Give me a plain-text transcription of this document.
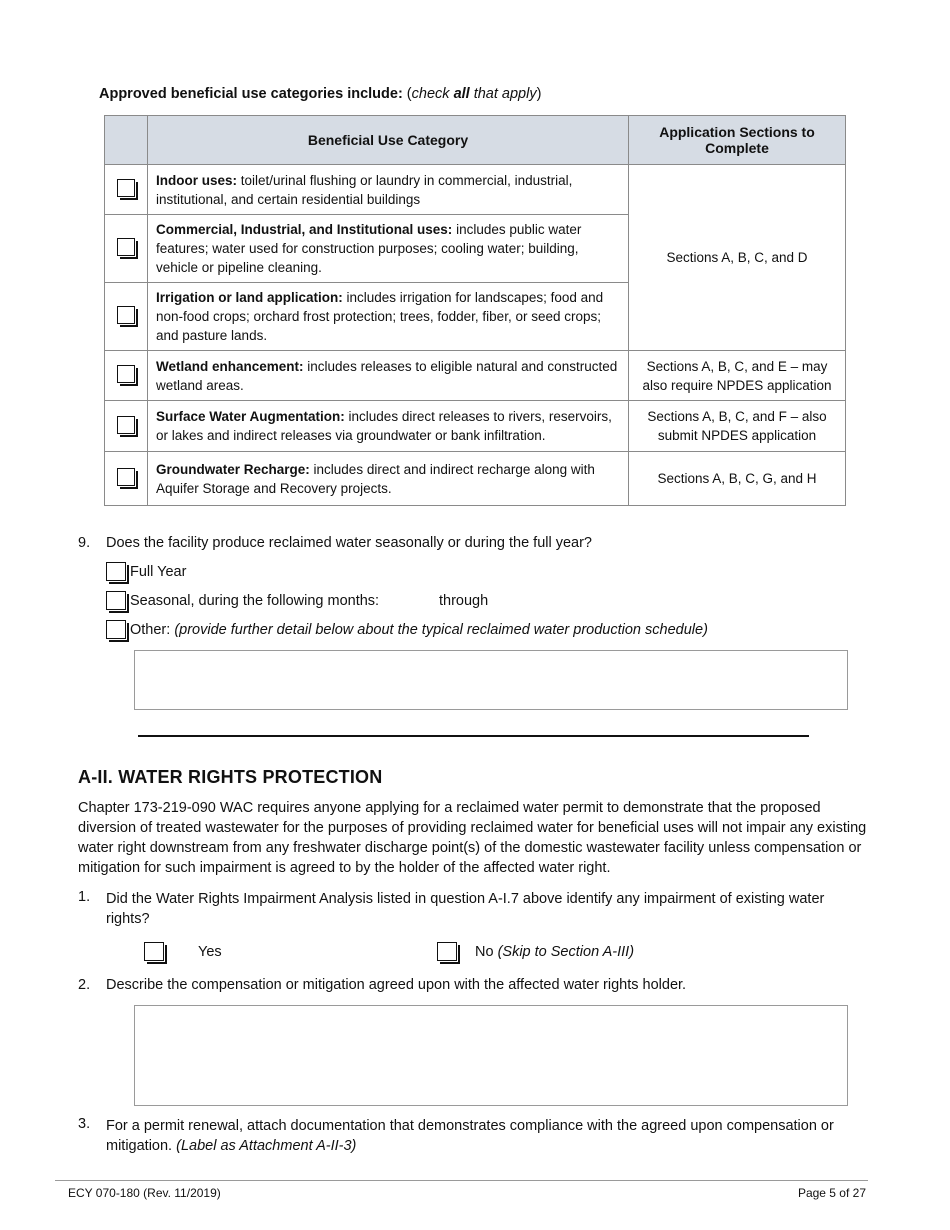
Approved beneficial use categories include: (check all that apply)
	Beneficial Use Category	Application Sections to Complete
	Indoor uses: toilet/urinal flushing or laundry in commercial, industrial, institutional, and certain residential buildings	Sections A, B, C, and D
	Commercial, Industrial, and Institutional uses: includes public water features; water used for construction purposes; cooling water; building, vehicle or pipeline cleaning.	
	Irrigation or land application: includes irrigation for landscapes; food and non-food crops; orchard frost protection; trees, fodder, fiber, or seed crops; and pasture lands.	
	Wetland enhancement: includes releases to eligible natural and constructed wetland areas.	Sections A, B, C, and E – may also require NPDES application
	Surface Water Augmentation: includes direct releases to rivers, reservoirs, or lakes and indirect releases via groundwater or bank infiltration.	Sections A, B, C, and F – also submit NPDES application
	Groundwater Recharge: includes direct and indirect recharge along with Aquifer Storage and Recovery projects.	Sections A, B, C, G, and H
9. Does the facility produce reclaimed water seasonally or during the full year?
Full Year
Seasonal, during the following months:	through
Other: (provide further detail below about the typical reclaimed water production schedule)
A-II. WATER RIGHTS PROTECTION
Chapter 173-219-090 WAC requires anyone applying for a reclaimed water permit to demonstrate that the proposed diversion of treated wastewater for the purposes of providing reclaimed water for beneficial uses will not impair any existing water right downstream from any freshwater discharge point(s) of the domestic wastewater facility unless compensation or mitigation for such impairment is agreed to by the holder of the affected water right.
1. Did the Water Rights Impairment Analysis listed in question A-I.7 above identify any impairment of existing water rights?
Yes	No (Skip to Section A-III)
2. Describe the compensation or mitigation agreed upon with the affected water rights holder.
3. For a permit renewal, attach documentation that demonstrates compliance with the agreed upon compensation or mitigation. (Label as Attachment A-II-3)
ECY 070-180 (Rev. 11/2019)	Page 5 of 27
